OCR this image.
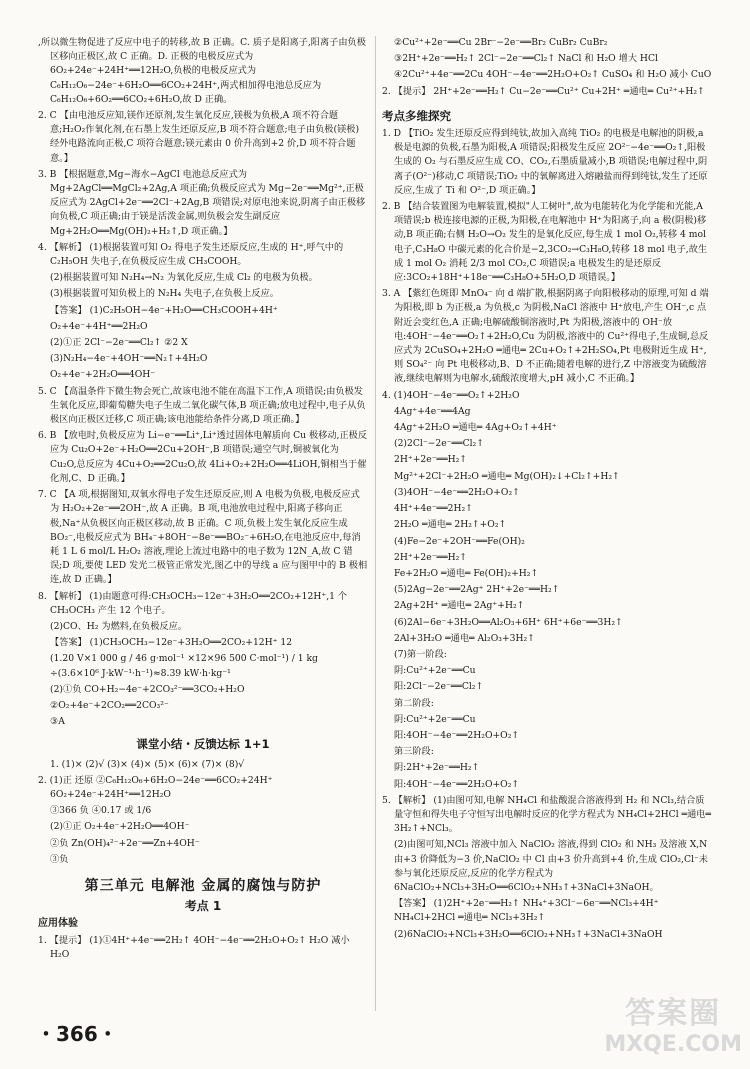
,所以微生物促进了反应中电子的转移,故 B 正确。C. 质子是阳离子,阳离子由负极区移向正极区,故 C 正确。D. 正极的电极反应式为 6O₂+24e⁻+24H⁺══12H₂O,负极的电极反应式为 C₆H₁₂O₆−24e⁻+6H₂O══6CO₂+24H⁺,两式相加得电池总反应为 C₆H₁₂O₆+6O₂══6CO₂+6H₂O,故 D 正确。
2. C 【由电池反应知,镁作还原剂,发生氧化反应,镁极为负极,A 项不符合题意;H₂O₂作氧化剂,在石墨上发生还原反应,B 项不符合题意;电子由负极(镁极)经外电路流向正极,C 项符合题意;镁元素由 0 价升高到+2 价,D 项不符合题意。】
3. B 【根据题意,Mg−海水−AgCl 电池总反应式为 Mg+2AgCl══MgCl₂+2Ag,A 项正确;负极反应式为 Mg−2e⁻══Mg²⁺,正极反应式为 2AgCl+2e⁻══2Cl⁻+2Ag,B 项错误;对原电池来说,阴离子由正极移向负极,C 项正确;由于镁是活泼金属,则负极会发生副反应 Mg+2H₂O══Mg(OH)₂+H₂↑,D 项正确。】
4. 【解析】 (1)根据装置可知 O₂ 得电子发生还原反应,生成的 H⁺,呼气中的 C₂H₅OH 失电子,在负极反应生成 CH₃COOH。
(2)根据装置可知 N₂H₄→N₂ 为氧化反应,生成 Cl₂ 的电极为负极。
(3)根据装置可知负极上的 N₂H₄ 失电子,在负极上反应。
【答案】 (1)C₂H₅OH−4e⁻+H₂O══CH₃COOH+4H⁺
O₂+4e⁻+4H⁺══2H₂O
(2)①正 2Cl⁻−2e⁻══Cl₂↑ ②2 X
(3)N₂H₄−4e⁻+4OH⁻══N₂↑+4H₂O
O₂+4e⁻+2H₂O══4OH⁻
5. C 【高温条件下微生物会死亡,故该电池不能在高温下工作,A 项错误;由负极发生氧化反应,即葡萄糖失电子生成二氧化碳气体,B 项正确;放电过程中,电子从负极区向正极区迁移,C 项正确;该电池能给条件分离,D 项正确。】
6. B 【放电时,负极反应为 Li−e⁻══Li⁺,Li⁺透过固体电解质向 Cu 极移动,正极反应为 Cu₂O+2e⁻+H₂O══2Cu+2OH⁻,B 项错误;通空气时,铜被氧化为 Cu₂O,总反应为 4Cu+O₂══2Cu₂O,故 4Li+O₂+2H₂O══4LiOH,铜相当于催化剂,C、D 正确。】
7. C 【A 项,根据图知,双氧水得电子发生还原反应,则 A 电极为负极,电极反应式为 H₂O₂+2e⁻══2OH⁻,故 A 正确。B 项,电池放电过程中,阳离子移向正极,Na⁺从负极区向正极区移动,故 B 正确。C 项,负极上发生氧化反应生成 BO₂⁻,电极反应式为 BH₄⁻+8OH⁻−8e⁻══BO₂⁻+6H₂O,在电池反应中,每消耗 1 L 6 mol/L H₂O₂ 溶液,理论上流过电路中的电子数为 12N_A,故 C 错误;D 项,要使 LED 发光二极管正常发光,图乙中的导线 a 应与图甲中的 B 极相连,故 D 正确。】
8. 【解析】 (1)由题意可得:CH₃OCH₃−12e⁻+3H₂O══2CO₂+12H⁺,1 个 CH₃OCH₃ 产生 12 个电子。
(2)CO、H₂ 为燃料,在负极反应。
【答案】 (1)CH₃OCH₃−12e⁻+3H₂O══2CO₂+12H⁺ 12
(1.20 V×1 000 g / 46 g·mol⁻¹ ×12×96 500 C·mol⁻¹) / 1 kg ÷(3.6×10⁶ J·kW⁻¹·h⁻¹)≈8.39 kW·h·kg⁻¹
(2)①负 CO+H₂−4e⁻+2CO₃²⁻══3CO₂+H₂O
②O₂+4e⁻+2CO₂══2CO₃²⁻
③A
课堂小结・反馈达标 1+1
1. (1)× (2)√ (3)× (4)× (5)× (6)× (7)× (8)√
2. (1)正 还原 ②C₆H₁₂O₆+6H₂O−24e⁻══6CO₂+24H⁺ 6O₂+24e⁻+24H⁺══12H₂O
③366 负 ④0.17 或 1/6
(2)①正 O₂+4e⁻+2H₂O══4OH⁻
②负 Zn(OH)₄²⁻+2e⁻══Zn+4OH⁻
③负
第三单元 电解池 金属的腐蚀与防护
考点 1
应用体验
1. 【提示】 (1)①4H⁺+4e⁻══2H₂↑ 4OH⁻−4e⁻══2H₂O+O₂↑ H₂O 减小 H₂O
②Cu²⁺+2e⁻══Cu 2Br⁻−2e⁻══Br₂ CuBr₂ CuBr₂
③2H⁺+2e⁻══H₂↑ 2Cl⁻−2e⁻══Cl₂↑ NaCl 和 H₂O 增大 HCl
④2Cu²⁺+4e⁻══2Cu 4OH⁻−4e⁻══2H₂O+O₂↑ CuSO₄ 和 H₂O 减小 CuO
2. 【提示】 2H⁺+2e⁻══H₂↑ Cu−2e⁻══Cu²⁺ Cu+2H⁺ ═通电═ Cu²⁺+H₂↑
考点多维探究
1. D 【TiO₂ 发生还原反应得到纯钛,故加入高纯 TiO₂ 的电极是电解池的阴极,a 极是电源的负极,石墨为阳极,A 项错误;阳极发生反应 2O²⁻−4e⁻══O₂↑,阳极生成的 O₂ 与石墨反应生成 CO、CO₂,石墨质量减小,B 项错误;电解过程中,阴离子(O²⁻)移动,C 项错误;TiO₂ 中的氧解离进入熔融盐而得到纯钛,发生了还原反应,生成了 Ti 和 O²⁻,D 项正确。】
2. B 【结合装置图为电解装置,模拟"人工树叶",故为电能转化为化学能和光能,A 项错误;b 极连接电源的正极,为阳极,在电解池中 H⁺为阳离子,向 a 极(阴极)移动,B 项正确;右侧 H₂O→O₂ 发生的是氧化反应,每生成 1 mol O₂,转移 4 mol 电子,C₃H₈O 中碳元素的化合价是−2,3CO₂→C₃H₈O,转移 18 mol 电子,故生成 1 mol O₂ 消耗 2/3 mol CO₂,C 项错误;a 电极发生的是还原反应:3CO₂+18H⁺+18e⁻══C₃H₈O+5H₂O,D 项错误。】
3. A 【紫红色斑即 MnO₄⁻ 向 d 端扩散,根据阴离子向阳极移动的原理,可知 d 端为阳极,即 b 为正极,a 为负极,c 为阴极,NaCl 溶液中 H⁺放电,产生 OH⁻,c 点附近会变红色,A 正确;电解硫酸铜溶液时,Pt 为阳极,溶液中的 OH⁻放电:4OH⁻−4e⁻══O₂↑+2H₂O,Cu 为阴极,溶液中的 Cu²⁺得电子,生成铜,总反应式为 2CuSO₄+2H₂O ═通电═ 2Cu+O₂↑+2H₂SO₄,Pt 电极附近生成 H⁺,则 SO₄²⁻ 向 Pt 电极移动,B、D 不正确;随着电解的进行,Z 中溶液变为硫酸溶液,继续电解则为电解水,硫酸浓度增大,pH 减小,C 不正确。】
4. (1)4OH⁻−4e⁻══O₂↑+2H₂O
4Ag⁺+4e⁻══4Ag
4Ag⁺+2H₂O ═通电═ 4Ag+O₂↑+4H⁺
(2)2Cl⁻−2e⁻══Cl₂↑
2H⁺+2e⁻══H₂↑
Mg²⁺+2Cl⁻+2H₂O ═通电═ Mg(OH)₂↓+Cl₂↑+H₂↑
(3)4OH⁻−4e⁻══2H₂O+O₂↑
4H⁺+4e⁻══2H₂↑
2H₂O ═通电═ 2H₂↑+O₂↑
(4)Fe−2e⁻+2OH⁻══Fe(OH)₂
2H⁺+2e⁻══H₂↑
Fe+2H₂O ═通电═ Fe(OH)₂+H₂↑
(5)2Ag−2e⁻══2Ag⁺ 2H⁺+2e⁻══H₂↑
2Ag+2H⁺ ═通电═ 2Ag⁺+H₂↑
(6)2Al−6e⁻+3H₂O══Al₂O₃+6H⁺ 6H⁺+6e⁻══3H₂↑
2Al+3H₂O ═通电═ Al₂O₃+3H₂↑
(7)第一阶段:
阴:Cu²⁺+2e⁻══Cu
阳:2Cl⁻−2e⁻══Cl₂↑
第二阶段:
阴:Cu²⁺+2e⁻══Cu
阳:4OH⁻−4e⁻══2H₂O+O₂↑
第三阶段:
阴:2H⁺+2e⁻══H₂↑
阳:4OH⁻−4e⁻══2H₂O+O₂↑
5. 【解析】 (1)由图可知,电解 NH₄Cl 和盐酸混合溶液得到 H₂ 和 NCl₃,结合质量守恒和得失电子守恒写出电解时反应的化学方程式为 NH₄Cl+2HCl ═通电═ 3H₂↑+NCl₃。
(2)由图可知,NCl₃ 溶液中加入 NaClO₂ 溶液,得到 ClO₂ 和 NH₃ 及溶液 X,N 由+3 价降低为−3 价,NaClO₂ 中 Cl 由+3 价升高到+4 价,生成 ClO₂,Cl⁻未参与氧化还原反应,反应的化学方程式为 6NaClO₂+NCl₃+3H₂O══6ClO₂+NH₃↑+3NaCl+3NaOH。
【答案】 (1)2H⁺+2e⁻══H₂↑ NH₄⁺+3Cl⁻−6e⁻══NCl₃+4H⁺ NH₄Cl+2HCl ═通电═ NCl₃+3H₂↑
(2)6NaClO₂+NCl₃+3H₂O══6ClO₂+NH₃↑+3NaCl+3NaOH
・366・
答案圈
MXQE.COM
